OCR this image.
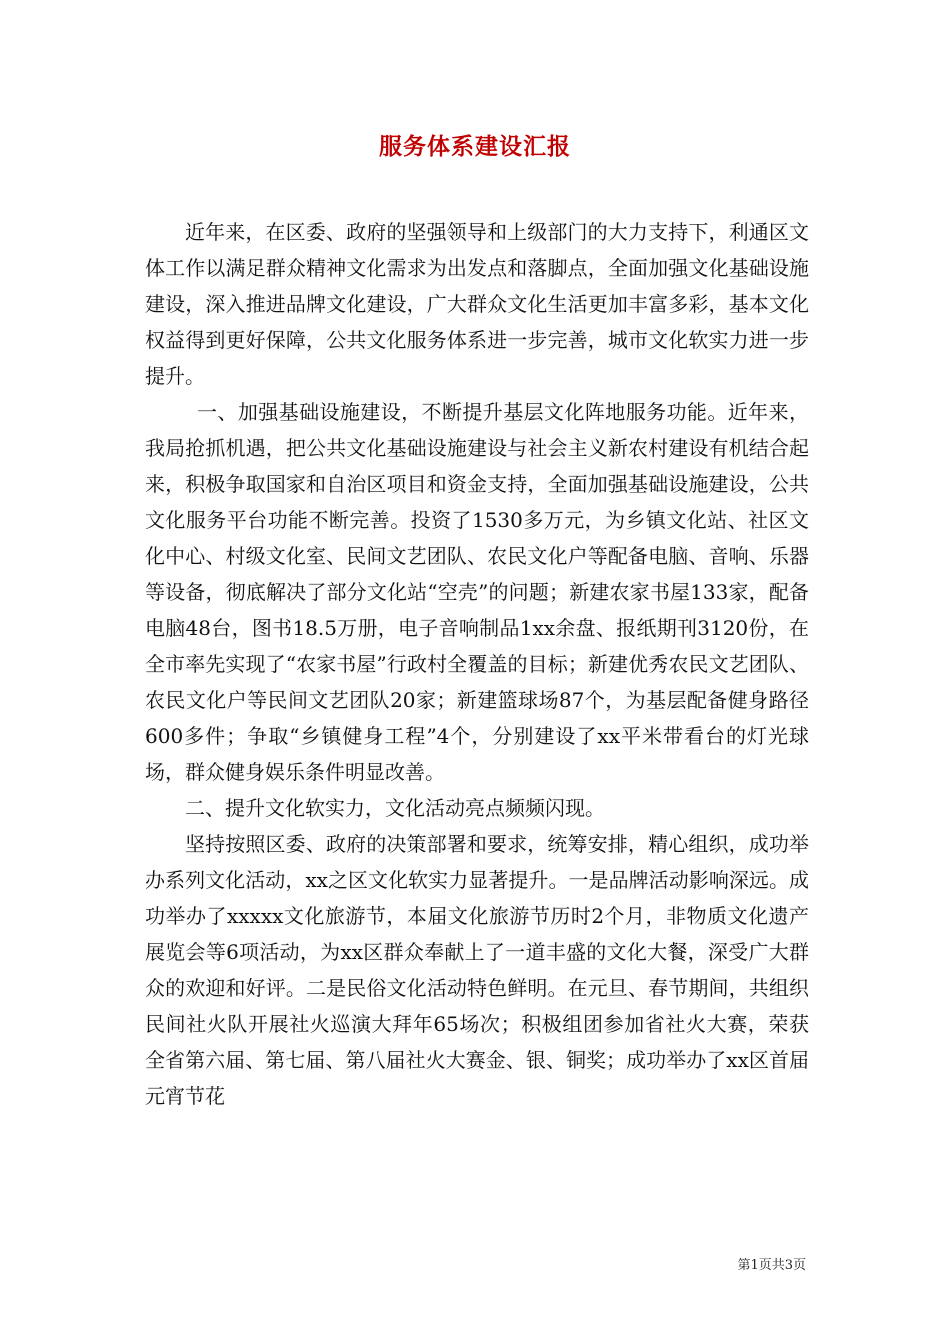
服务体系建设汇报

近年来，在区委、政府的坚强领导和上级部门的大力支持下，利通区文体工作以满足群众精神文化需求为出发点和落脚点，全面加强文化基础设施建设，深入推进品牌文化建设，广大群众文化生活更加丰富多彩，基本文化权益得到更好保障，公共文化服务体系进一步完善，城市文化软实力进一步提升。

一、加强基础设施建设，不断提升基层文化阵地服务功能。近年来，我局抢抓机遇，把公共文化基础设施建设与社会主义新农村建设有机结合起来，积极争取国家和自治区项目和资金支持，全面加强基础设施建设，公共文化服务平台功能不断完善。投资了1530多万元，为乡镇文化站、社区文化中心、村级文化室、民间文艺团队、农民文化户等配备电脑、音响、乐器等设备，彻底解决了部分文化站“空壳”的问题；新建农家书屋133家，配备电脑48台，图书18.5万册，电子音响制品1xx余盘、报纸期刊3120份，在全市率先实现了“农家书屋”行政村全覆盖的目标；新建优秀农民文艺团队、农民文化户等民间文艺团队20家；新建篮球场87个，为基层配备健身路径600多件；争取“乡镇健身工程”4个，分别建设了xx平米带看台的灯光球场，群众健身娱乐条件明显改善。

二、提升文化软实力，文化活动亮点频频闪现。

坚持按照区委、政府的决策部署和要求，统筹安排，精心组织，成功举办系列文化活动，xx之区文化软实力显著提升。一是品牌活动影响深远。成功举办了xxxxx文化旅游节，本届文化旅游节历时2个月，非物质文化遗产展览会等6项活动，为xx区群众奉献上了一道丰盛的文化大餐，深受广大群众的欢迎和好评。二是民俗文化活动特色鲜明。在元旦、春节期间，共组织民间社火队开展社火巡演大拜年65场次；积极组团参加省社火大赛，荣获全省第六届、第七届、第八届社火大赛金、银、铜奖；成功举办了xx区首届元宵节花

第1页共3页
